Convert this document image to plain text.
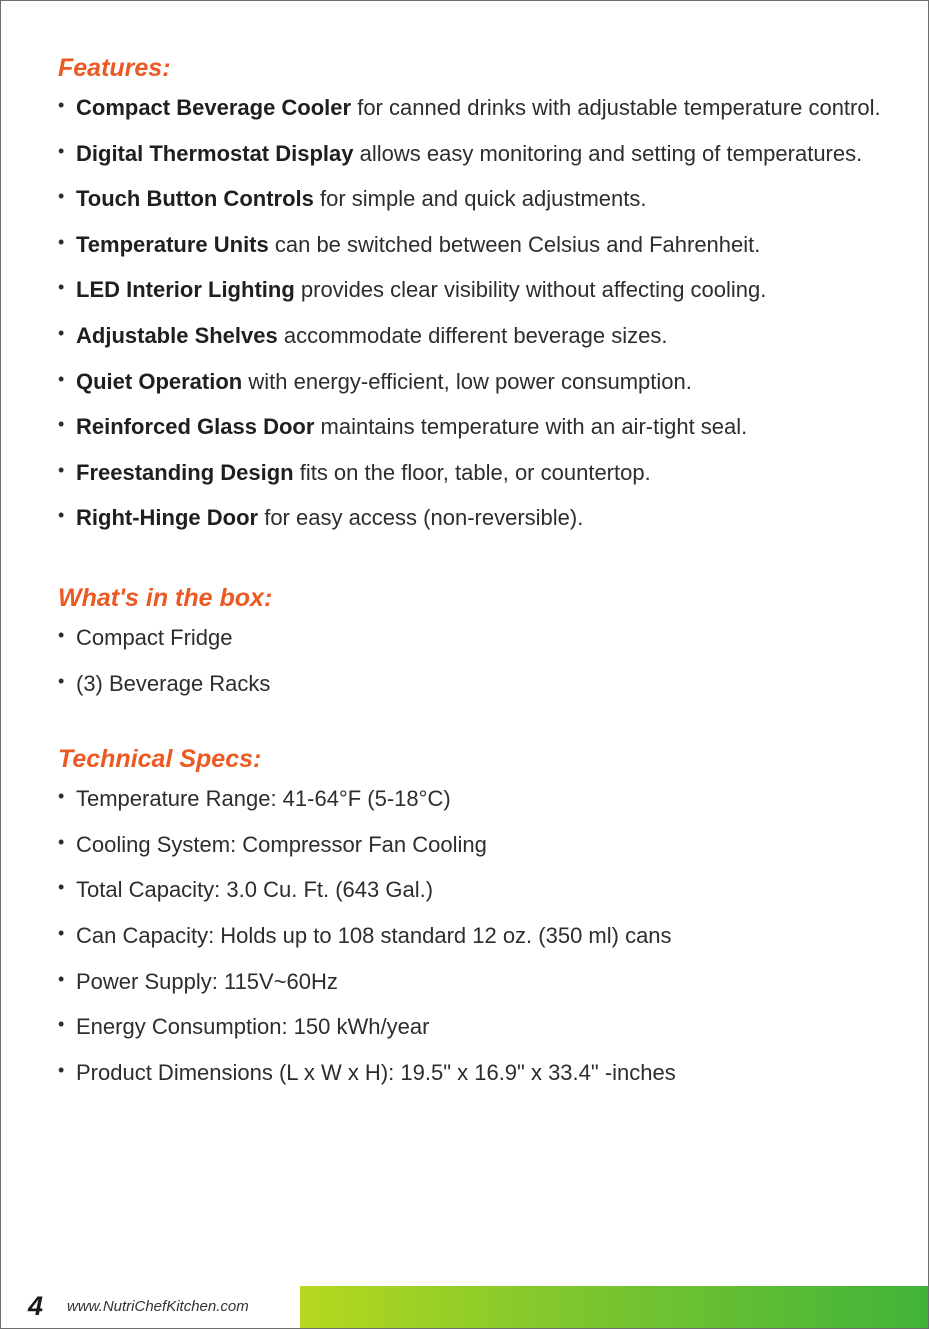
Features:
• Compact Beverage Cooler for canned drinks with adjustable temperature control.
• Digital Thermostat Display allows easy monitoring and setting of temperatures.
• Touch Button Controls for simple and quick adjustments.
• Temperature Units can be switched between Celsius and Fahrenheit.
• LED Interior Lighting provides clear visibility without affecting cooling.
• Adjustable Shelves accommodate different beverage sizes.
• Quiet Operation with energy-efficient, low power consumption.
• Reinforced Glass Door maintains temperature with an air-tight seal.
• Freestanding Design fits on the floor, table, or countertop.
• Right-Hinge Door for easy access (non-reversible).
What's in the box:
• Compact Fridge
• (3) Beverage Racks
Technical Specs:
• Temperature Range: 41-64°F (5-18°C)
• Cooling System: Compressor Fan Cooling
• Total Capacity: 3.0 Cu. Ft. (643 Gal.)
• Can Capacity: Holds up to 108 standard 12 oz. (350 ml) cans
• Power Supply: 115V~60Hz
• Energy Consumption: 150 kWh/year
• Product Dimensions (L x W x H): 19.5" x 16.9" x 33.4" -inches
4 www.NutriChefKitchen.com
